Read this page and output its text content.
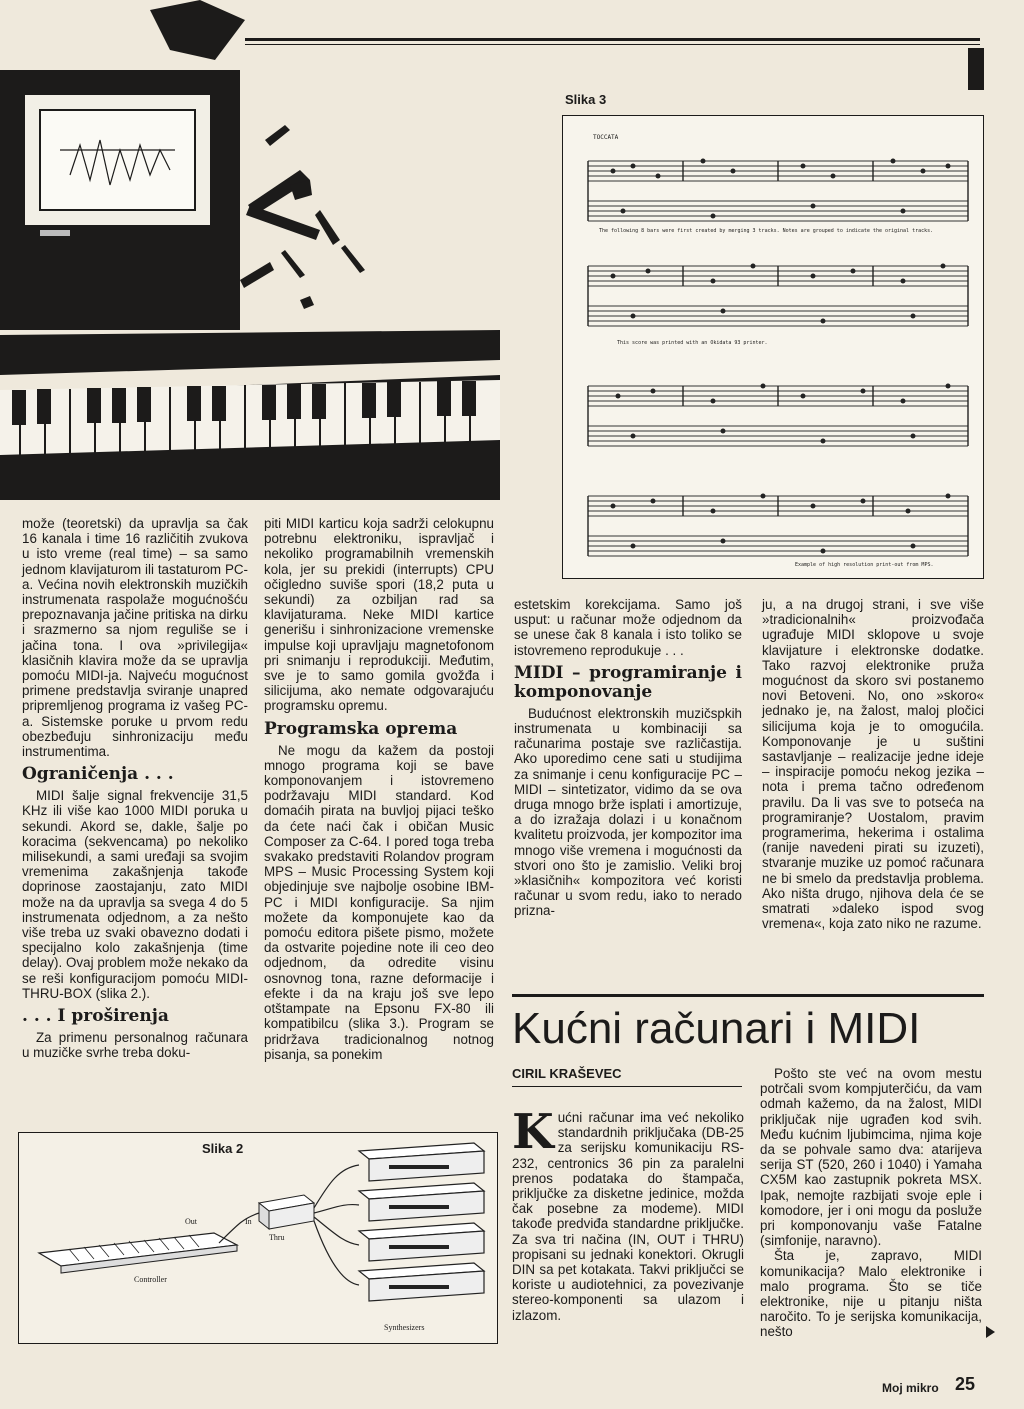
Slika 3
TOCCATA
The following 8 bars were first created by merging 3 tracks. Notes are grouped to indicate the original tracks.
This score was printed with an Okidata 93 printer.
Example of high resolution print-out from MPS.

može (teoretski) da upravlja sa čak 16 kanala i time 16 različitih zvukova u isto vreme (real time) – sa samo jednom klavijaturom ili tastaturom PC-a. Većina novih elektronskih muzičkih instrumenata raspolaže mogućnošću prepoznavanja jačine pritiska na dirku i srazmerno sa njom reguliše se i jačina tona. I ova »privilegija« klasičnih klavira može da se upravlja pomoću MIDI-ja. Najveću mogućnost primene predstavlja sviranje unapred pripremljenog programa iz vašeg PC-a. Sistemske poruke u prvom redu obezbeđuju sinhronizaciju među instrumentima.

Ograničenja . . .

MIDI šalje signal frekvencije 31,5 KHz ili više kao 1000 MIDI poruka u sekundi. Akord se, dakle, šalje po koracima (sekvencama) po nekoliko milisekundi, a sami uređaji sa svojim vremenima zakašnjenja takođe doprinose zaostajanju, zato MIDI može na da upravlja sa svega 4 do 5 instrumenata odjednom, a za nešto više treba uz svaki obavezno dodati i specijalno kolo zakašnjenja (time delay). Ovaj problem može nekako da se reši konfiguracijom pomoću MIDI-THRU-BOX (slika 2.).

. . . I proširenja

Za primenu personalnog računara u muzičke svrhe treba doku-

piti MIDI karticu koja sadrži celokupnu potrebnu elektroniku, ispravljač i nekoliko programabilnih vremenskih kola, jer su prekidi (interrupts) CPU očigledno suviše spori (18,2 puta u sekundi) za ozbiljan rad sa klavijaturama. Neke MIDI kartice generišu i sinhronizacione vremenske impulse koji upravljaju magnetofonom pri snimanju i reprodukciji. Međutim, sve je to samo gomila gvožđa i silicijuma, ako nemate odgovarajuću programsku opremu.

Programska oprema

Ne mogu da kažem da postoji mnogo programa koji se bave komponovanjem i istovremeno podržavaju MIDI standard. Kod domaćih pirata na buvljoj pijaci teško da ćete naći čak i običan Music Composer za C-64. I pored toga treba svakako predstaviti Rolandov program MPS – Music Processing System koji objedinjuje sve najbolje osobine IBM-PC i MIDI konfiguracije. Sa njim možete da komponujete kao da pomoću editora pišete pismo, možete da ostvarite pojedine note ili ceo deo odjednom, da odredite visinu osnovnog tona, razne deformacije i efekte i da na kraju još sve lepo otštampate na Epsonu FX-80 ili kompatibilcu (slika 3.). Program se pridržava tradicionalnog notnog pisanja, sa ponekim

estetskim korekcijama. Samo još usput: u računar može odjednom da se unese čak 8 kanala i isto toliko se istovremeno reprodukuje . . .

MIDI – programiranje i komponovanje

Budućnost elektronskih muzičspkih instrumenata u kombinaciji sa računarima postaje sve različastija. Ako uporedimo cene sati u studijima za snimanje i cenu konfiguracije PC – MIDI – sintetizator, vidimo da se ova druga mnogo brže isplati i amortizuje, a do izražaja dolazi i u konačnom kvalitetu proizvoda, jer kompozitor ima mnogo više vremena i mogućnosti da stvori ono što je zamislio. Veliki broj »klasičnih« kompozitora već koristi računar u svom redu, iako to nerado prizna-

ju, a na drugoj strani, i sve više »tradicionalnih« proizvođača ugrađuje MIDI sklopove u svoje klavijature i elektronske dodatke. Tako razvoj elektronike pruža mogućnost da skoro svi postanemo novi Betoveni. No, ono »skoro« jednako je, na žalost, maloj pločici silicijuma koja je to omogućila. Komponovanje je u suštini sastavljanje – realizacije jedne ideje – inspiracije pomoću nekog jezika – nota i prema tačno određenom pravilu. Da li vas sve to potseća na programiranje? Uostalom, pravim programerima, hekerima i ostalima (ranije navedeni pirati su izuzeti), stvaranje muzike uz pomoć računara ne bi smelo da predstavlja problema. Ako ništa drugo, njihova dela će se smatrati »daleko ispod svog vremena«, koja zato niko ne razume.

Kućni računari i MIDI
CIRIL KRAŠEVEC
K ućni računar ima već nekoliko standardnih priključaka (DB-25 za serijsku komunikaciju RS-232, centronics 36 pin za paralelni prenos podataka do štampača, priključke za disketne jedinice, možda čak posebne za modeme). MIDI takođe predviđa standardne priključke. Za sva tri načina (IN, OUT i THRU) propisani su jednaki konektori. Okrugli DIN sa pet kotakata. Takvi priključci se koriste u audiotehnici, za povezivanje stereo-komponenti sa ulazom i izlazom.

Pošto ste već na ovom mestu potrčali svom kompjuterčiću, da vam odmah kažemo, da na žalost, MIDI priključak nije ugrađen kod svih. Među kućnim ljubimcima, njima koje da se pohvale samo dva: atarijeva serija ST (520, 260 i 1040) i Yamaha CX5M kao zastupnik pokreta MSX. Ipak, nemojte razbijati svoje eple i komodore, jer i oni mogu da posluže pri komponovanju vaše Fatalne (simfonije, naravno).

Šta je, zapravo, MIDI komunikacija? Malo elektronike i malo programa. Što se tiče elektronike, nije u pitanju ništa naročito. To je serijska komunikacija, nešto

Slika 2
Out	In
Thru
Controller
Synthesizers
Moj mikro 25
